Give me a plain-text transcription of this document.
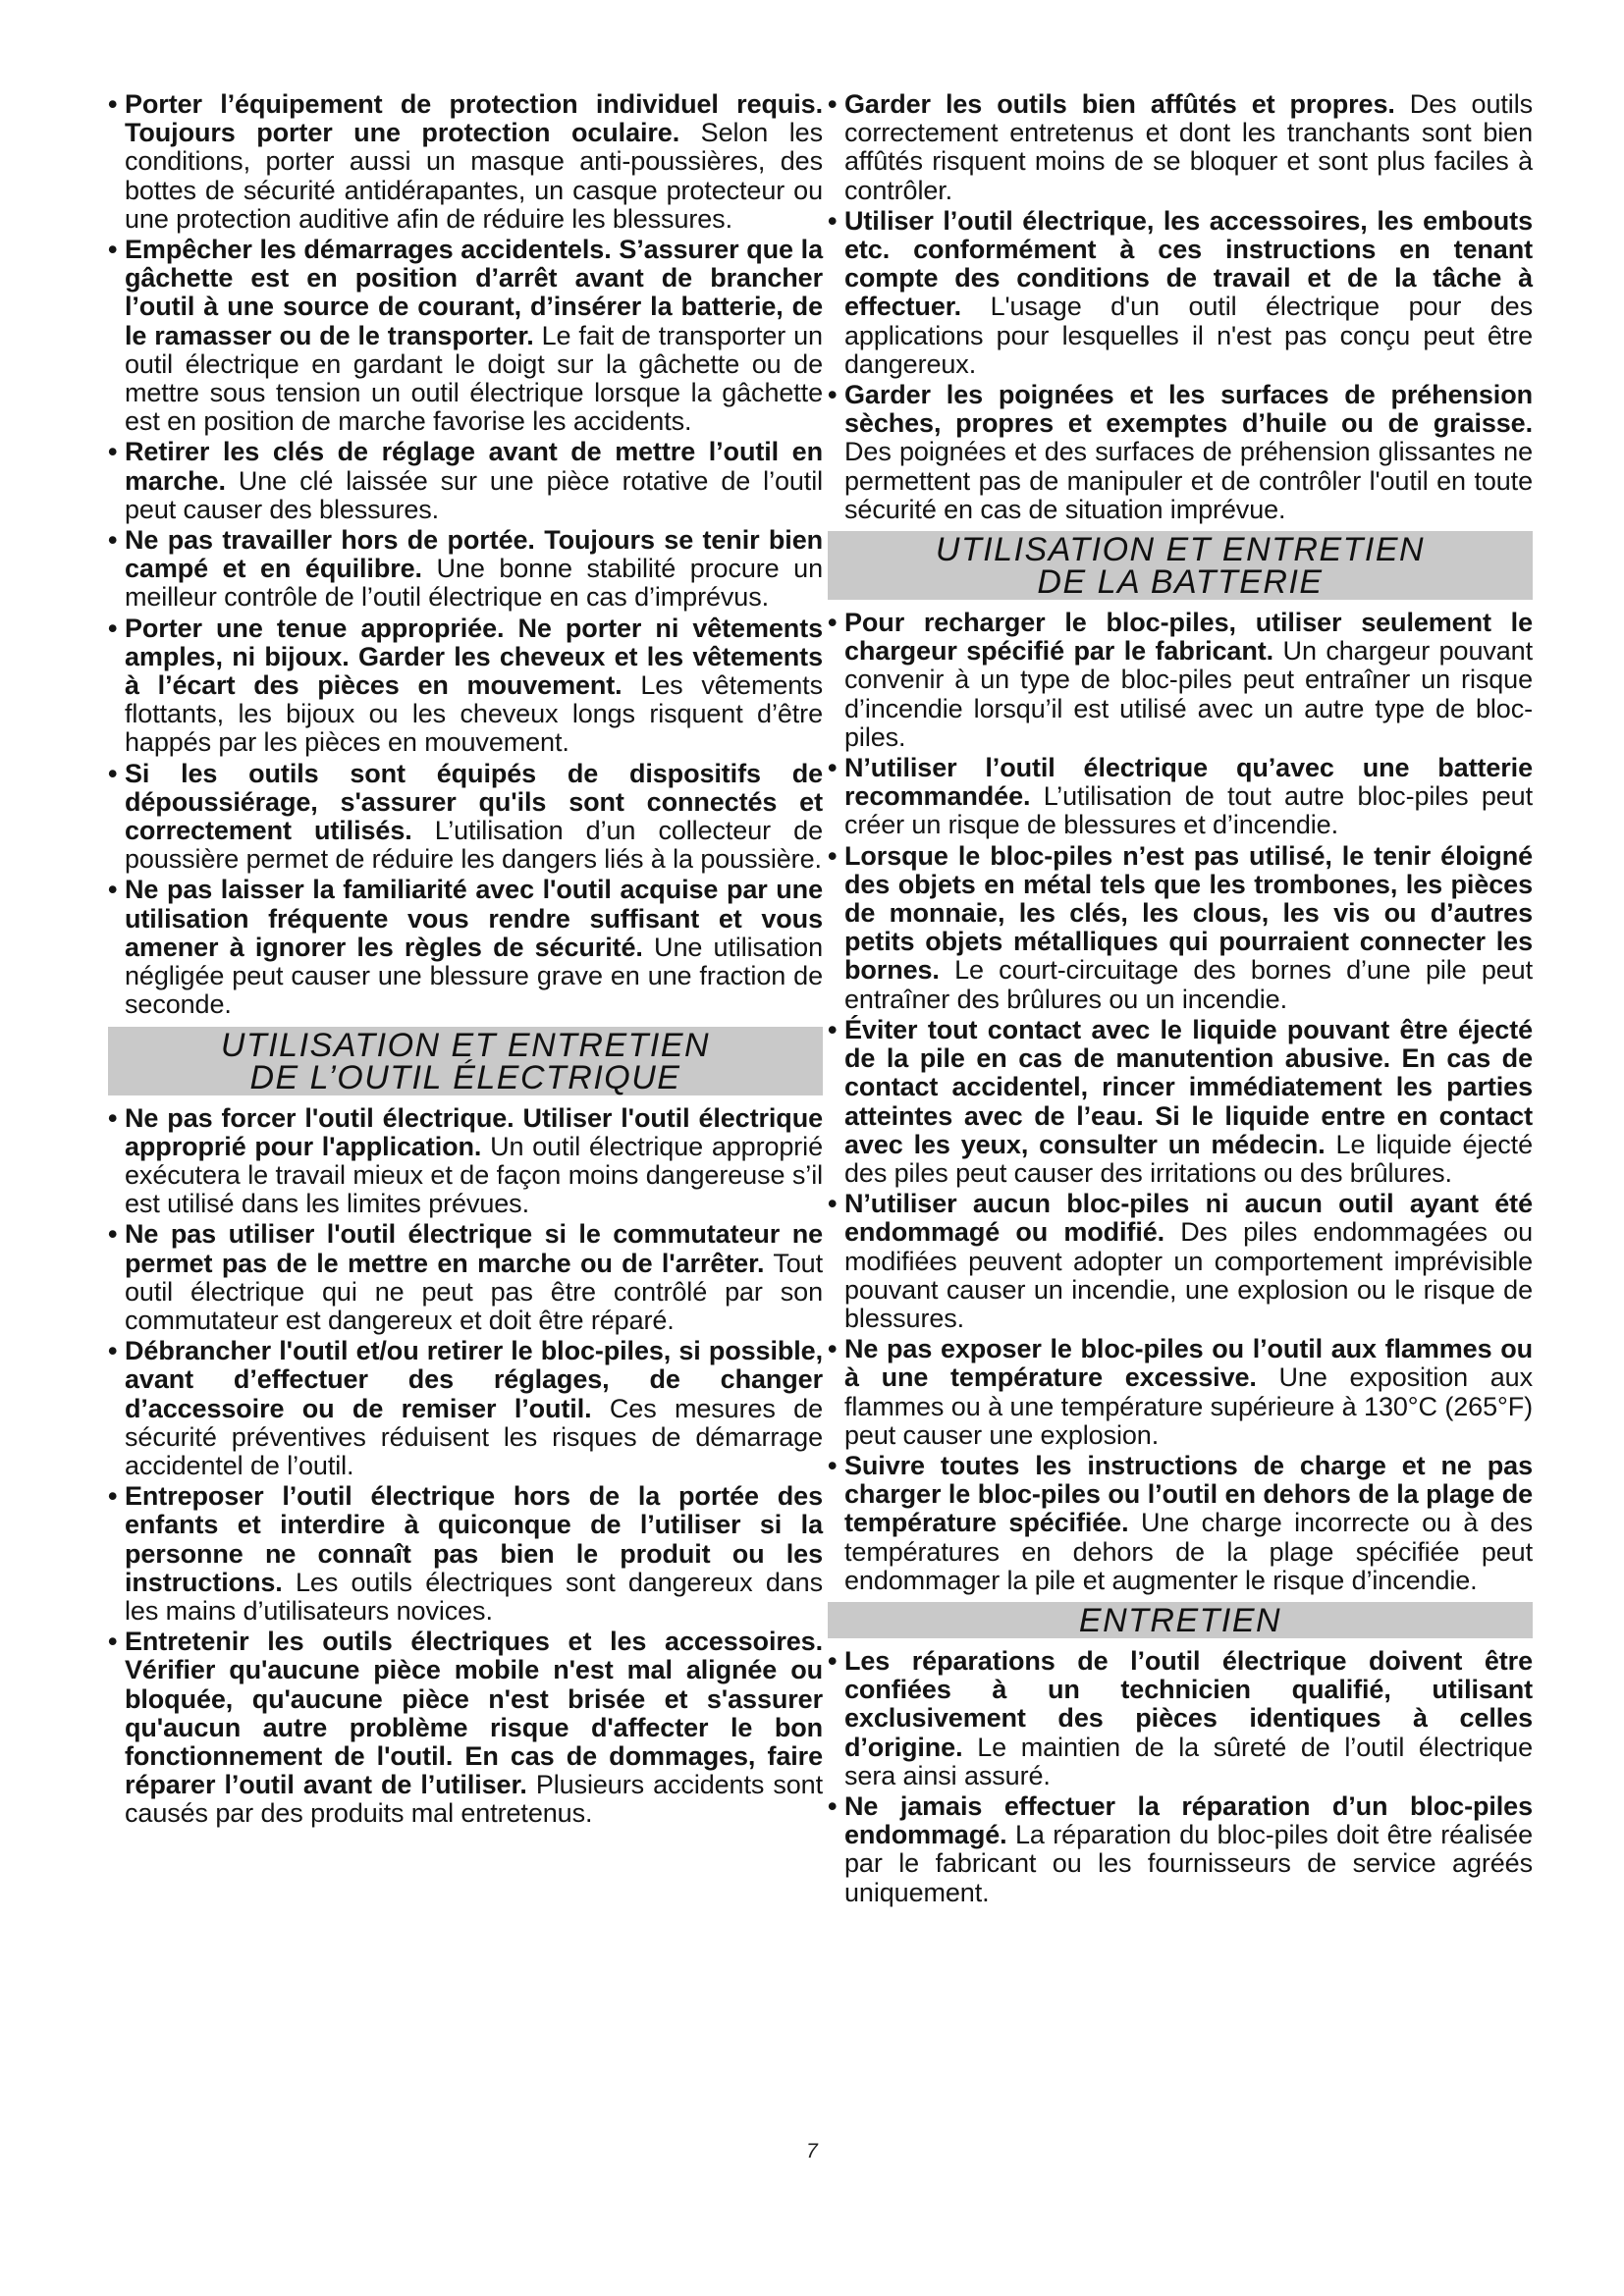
• Porter l’équipement de protection individuel requis. Toujours porter une protection oculaire. Selon les conditions, porter aussi un masque anti-poussières, des bottes de sécurité antidérapantes, un casque protecteur ou une protection auditive afin de réduire les blessures.
• Empêcher les démarrages accidentels. S’assurer que la gâchette est en position d’arrêt avant de brancher l’outil à une source de courant, d’insérer la batterie, de le ramasser ou de le transporter. Le fait de transporter un outil électrique en gardant le doigt sur la gâchette ou de mettre sous tension un outil électrique lorsque la gâchette est en position de marche favorise les accidents.
• Retirer les clés de réglage avant de mettre l’outil en marche. Une clé laissée sur une pièce rotative de l’outil peut causer des blessures.
• Ne pas travailler hors de portée. Toujours se tenir bien campé et en équilibre. Une bonne stabilité procure un meilleur contrôle de l’outil électrique en cas d’imprévus.
• Porter une tenue appropriée. Ne porter ni vêtements amples, ni bijoux. Garder les cheveux et les vêtements à l’écart des pièces en mouvement. Les vêtements flottants, les bijoux ou les cheveux longs risquent d’être happés par les pièces en mouvement.
• Si les outils sont équipés de dispositifs de dépoussiérage, s'assurer qu'ils sont connectés et correctement utilisés. L’utilisation d’un collecteur de poussière permet de réduire les dangers liés à la poussière.
• Ne pas laisser la familiarité avec l'outil acquise par une utilisation fréquente vous rendre suffisant et vous amener à ignorer les règles de sécurité. Une utilisation négligée peut causer une blessure grave en une fraction de seconde.
UTILISATION ET ENTRETIEN
DE L’OUTIL ÉLECTRIQUE
• Ne pas forcer l'outil électrique. Utiliser l'outil électrique approprié pour l'application. Un outil électrique approprié exécutera le travail mieux et de façon moins dangereuse s’il est utilisé dans les limites prévues.
• Ne pas utiliser l'outil électrique si le commutateur ne permet pas de le mettre en marche ou de l'arrêter. Tout outil électrique qui ne peut pas être contrôlé par son commutateur est dangereux et doit être réparé.
• Débrancher l'outil et/ou retirer le bloc-piles, si possible, avant d’effectuer des réglages, de changer d’accessoire ou de remiser l’outil. Ces mesures de sécurité préventives réduisent les risques de démarrage accidentel de l’outil.
• Entreposer l’outil électrique hors de la portée des enfants et interdire à quiconque de l’utiliser si la personne ne connaît pas bien le produit ou les instructions. Les outils électriques sont dangereux dans les mains d’utilisateurs novices.
• Entretenir les outils électriques et les accessoires. Vérifier qu'aucune pièce mobile n'est mal alignée ou bloquée, qu'aucune pièce n'est brisée et s'assurer qu'aucun autre problème risque d'affecter le bon fonctionnement de l'outil. En cas de dommages, faire réparer l’outil avant de l’utiliser. Plusieurs accidents sont causés par des produits mal entretenus.
• Garder les outils bien affûtés et propres. Des outils correctement entretenus et dont les tranchants sont bien affûtés risquent moins de se bloquer et sont plus faciles à contrôler.
• Utiliser l’outil électrique, les accessoires, les embouts etc. conformément à ces instructions en tenant compte des conditions de travail et de la tâche à effectuer. L'usage d'un outil électrique pour des applications pour lesquelles il n'est pas conçu peut être dangereux.
• Garder les poignées et les surfaces de préhension sèches, propres et exemptes d’huile ou de graisse. Des poignées et des surfaces de préhension glissantes ne permettent pas de manipuler et de contrôler l'outil en toute sécurité en cas de situation imprévue.
UTILISATION ET ENTRETIEN
DE LA BATTERIE
• Pour recharger le bloc-piles, utiliser seulement le chargeur spécifié par le fabricant. Un chargeur pouvant convenir à un type de bloc-piles peut entraîner un risque d’incendie lorsqu’il est utilisé avec un autre type de bloc-piles.
• N’utiliser l’outil électrique qu’avec une batterie recommandée. L’utilisation de tout autre bloc-piles peut créer un risque de blessures et d’incendie.
• Lorsque le bloc-piles n’est pas utilisé, le tenir éloigné des objets en métal tels que les trombones, les pièces de monnaie, les clés, les clous, les vis ou d’autres petits objets métalliques qui pourraient connecter les bornes. Le court-circuitage des bornes d’une pile peut entraîner des brûlures ou un incendie.
• Éviter tout contact avec le liquide pouvant être éjecté de la pile en cas de manutention abusive. En cas de contact accidentel, rincer immédiatement les parties atteintes avec de l’eau. Si le liquide entre en contact avec les yeux, consulter un médecin. Le liquide éjecté des piles peut causer des irritations ou des brûlures.
• N’utiliser aucun bloc-piles ni aucun outil ayant été endommagé ou modifié. Des piles endommagées ou modifiées peuvent adopter un comportement imprévisible pouvant causer un incendie, une explosion ou le risque de blessures.
• Ne pas exposer le bloc-piles ou l’outil aux flammes ou à une température excessive. Une exposition aux flammes ou à une température supérieure à 130°C (265°F) peut causer une explosion.
• Suivre toutes les instructions de charge et ne pas charger le bloc-piles ou l’outil en dehors de la plage de température spécifiée. Une charge incorrecte ou à des températures en dehors de la plage spécifiée peut endommager la pile et augmenter le risque d’incendie.
ENTRETIEN
• Les réparations de l’outil électrique doivent être confiées à un technicien qualifié, utilisant exclusivement des pièces identiques à celles d’origine. Le maintien de la sûreté de l’outil électrique sera ainsi assuré.
• Ne jamais effectuer la réparation d’un bloc-piles endommagé. La réparation du bloc-piles doit être réalisée par le fabricant ou les fournisseurs de service agréés uniquement.
7
